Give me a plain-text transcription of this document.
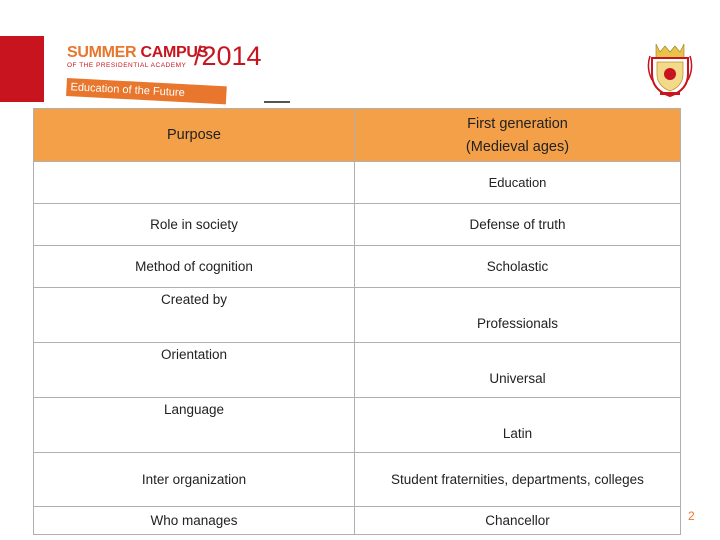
SUMMER CAMPUS
OF THE PRESIDENTIAL ACADEMY /2014
Education of the Future
Purpose	First generation
(Medieval ages)
	Education
Role in society	Defense of truth
Method of cognition	Scholastic
Created by	Professionals
Orientation	Universal
Language	Latin
Inter organization	Student fraternities, departments, colleges
Who manages	Chancellor	2
